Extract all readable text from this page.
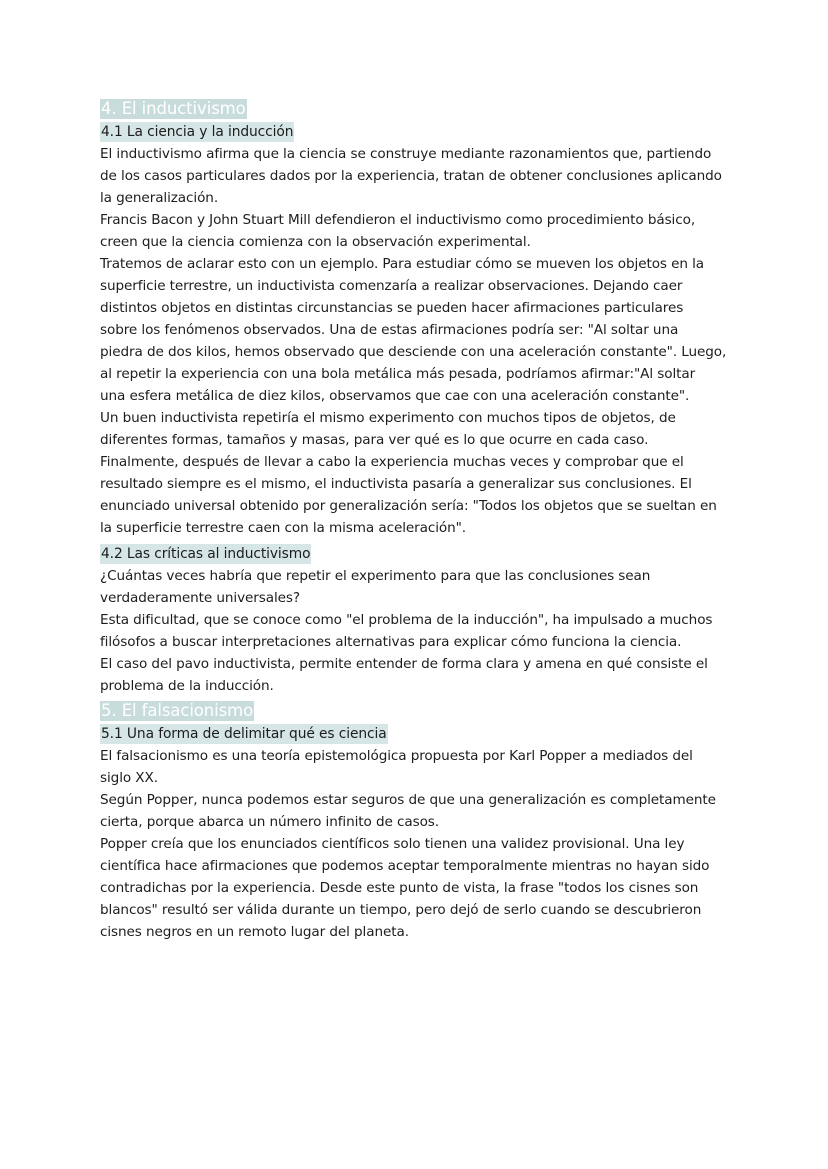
4. El inductivismo
4.1 La ciencia y la inducción
El inductivismo afirma que la ciencia se construye mediante razonamientos que, partiendo
de los casos particulares dados por la experiencia, tratan de obtener conclusiones aplicando
la generalización.
Francis Bacon y John Stuart Mill defendieron el inductivismo como procedimiento básico,
creen que la ciencia comienza con la observación experimental.
Tratemos de aclarar esto con un ejemplo. Para estudiar cómo se mueven los objetos en la
superficie terrestre, un inductivista comenzaría a realizar observaciones. Dejando caer
distintos objetos en distintas circunstancias se pueden hacer afirmaciones particulares
sobre los fenómenos observados. Una de estas afirmaciones podría ser: "Al soltar una
piedra de dos kilos, hemos observado que desciende con una aceleración constante". Luego,
al repetir la experiencia con una bola metálica más pesada, podríamos afirmar:"Al soltar
una esfera metálica de diez kilos, observamos que cae con una aceleración constante".
Un buen inductivista repetiría el mismo experimento con muchos tipos de objetos, de
diferentes formas, tamaños y masas, para ver qué es lo que ocurre en cada caso.
Finalmente, después de llevar a cabo la experiencia muchas veces y comprobar que el
resultado siempre es el mismo, el inductivista pasaría a generalizar sus conclusiones. El
enunciado universal obtenido por generalización sería: "Todos los objetos que se sueltan en
la superficie terrestre caen con la misma aceleración".
4.2 Las críticas al inductivismo
¿Cuántas veces habría que repetir el experimento para que las conclusiones sean
verdaderamente universales?
Esta dificultad, que se conoce como "el problema de la inducción", ha impulsado a muchos
filósofos a buscar interpretaciones alternativas para explicar cómo funciona la ciencia.
El caso del pavo inductivista, permite entender de forma clara y amena en qué consiste el
problema de la inducción.
5. El falsacionismo
5.1 Una forma de delimitar qué es ciencia
El falsacionismo es una teoría epistemológica propuesta por Karl Popper a mediados del
siglo XX.
Según Popper, nunca podemos estar seguros de que una generalización es completamente
cierta, porque abarca un número infinito de casos.
Popper creía que los enunciados científicos solo tienen una validez provisional. Una ley
científica hace afirmaciones que podemos aceptar temporalmente mientras no hayan sido
contradichas por la experiencia. Desde este punto de vista, la frase "todos los cisnes son
blancos" resultó ser válida durante un tiempo, pero dejó de serlo cuando se descubrieron
cisnes negros en un remoto lugar del planeta.
